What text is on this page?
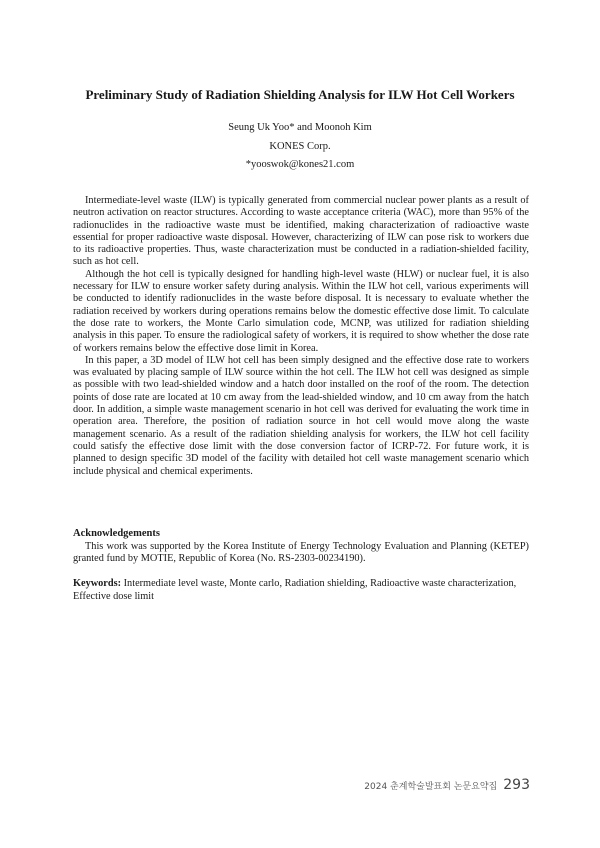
Preliminary Study of Radiation Shielding Analysis for ILW Hot Cell Workers
Seung Uk Yoo* and Moonoh Kim
KONES Corp.
*yooswok@kones21.com

Intermediate-level waste (ILW) is typically generated from commercial nuclear power plants as a result of neutron activation on reactor structures. According to waste acceptance criteria (WAC), more than 95% of the radionuclides in the radioactive waste must be identified, making characterization of radioactive waste essential for proper radioactive waste disposal. However, characterizing of ILW can pose risk to workers due to its radioactive properties. Thus, waste characterization must be conducted in a radiation-shielded facility, such as hot cell.

Although the hot cell is typically designed for handling high-level waste (HLW) or nuclear fuel, it is also necessary for ILW to ensure worker safety during analysis. Within the ILW hot cell, various experiments will be conducted to identify radionuclides in the waste before disposal. It is necessary to evaluate whether the radiation received by workers during operations remains below the domestic effective dose limit. To calculate the dose rate to workers, the Monte Carlo simulation code, MCNP, was utilized for radiation shielding analysis in this paper. To ensure the radiological safety of workers, it is required to show whether the dose rate of workers remains below the effective dose limit in Korea.

In this paper, a 3D model of ILW hot cell has been simply designed and the effective dose rate to workers was evaluated by placing sample of ILW source within the hot cell. The ILW hot cell was designed as simple as possible with two lead-shielded window and a hatch door installed on the roof of the room. The detection points of dose rate are located at 10 cm away from the lead-shielded window, and 10 cm away from the hatch door. In addition, a simple waste management scenario in hot cell was derived for evaluating the work time in operation area. Therefore, the position of radiation source in hot cell would move along the waste management scenario. As a result of the radiation shielding analysis for workers, the ILW hot cell facility could satisfy the effective dose limit with the dose conversion factor of ICRP-72. For future work, it is planned to design specific 3D model of the facility with detailed hot cell waste management scenario which include physical and chemical experiments.

Acknowledgements

This work was supported by the Korea Institute of Energy Technology Evaluation and Planning (KETEP) granted fund by MOTIE, Republic of Korea (No. RS-2303-00234190).

Keywords: Intermediate level waste, Monte carlo, Radiation shielding, Radioactive waste characterization, Effective dose limit

2024 춘계학술발표회 논문요약집 293
